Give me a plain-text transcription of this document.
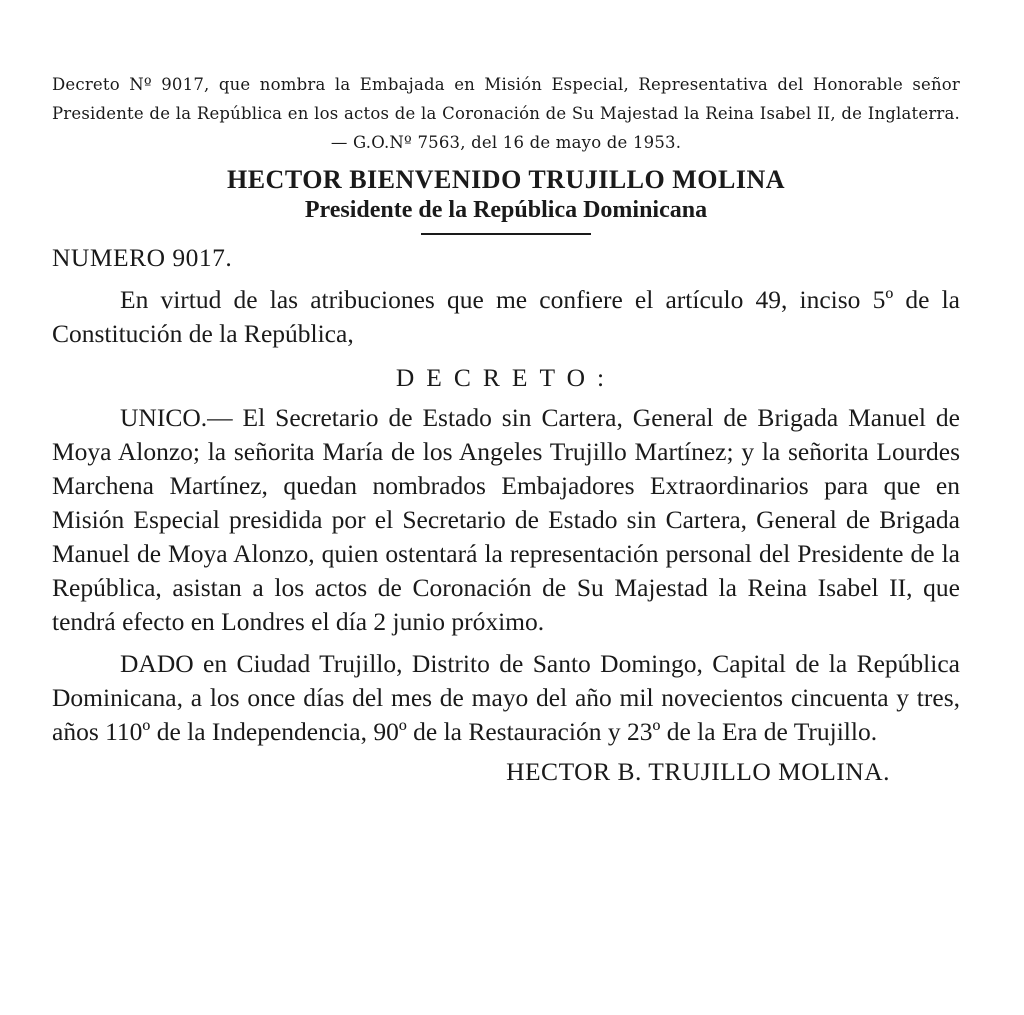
Decreto Nº 9017, que nombra la Embajada en Misión Especial, Representativa del Honorable señor Presidente de la República en los actos de la Coronación de Su Majestad la Reina Isabel II, de Inglaterra.— G.O.Nº 7563, del 16 de mayo de 1953.
HECTOR BIENVENIDO TRUJILLO MOLINA
Presidente de la República Dominicana
NUMERO 9017.

En virtud de las atribuciones que me confiere el artículo 49, inciso 5º de la Constitución de la República,

DECRETO:

UNICO.— El Secretario de Estado sin Cartera, General de Brigada Manuel de Moya Alonzo; la señorita María de los Angeles Trujillo Martínez; y la señorita Lourdes Marchena Martínez, quedan nombrados Embajadores Extraordinarios para que en Misión Especial presidida por el Secretario de Estado sin Cartera, General de Brigada Manuel de Moya Alonzo, quien ostentará la representación personal del Presidente de la República, asistan a los actos de Coronación de Su Majestad la Reina Isabel II, que tendrá efecto en Londres el día 2 junio próximo.

DADO en Ciudad Trujillo, Distrito de Santo Domingo, Capital de la República Dominicana, a los once días del mes de mayo del año mil novecientos cincuenta y tres, años 110º de la Independencia, 90º de la Restauración y 23º de la Era de Trujillo.

HECTOR B. TRUJILLO MOLINA.
